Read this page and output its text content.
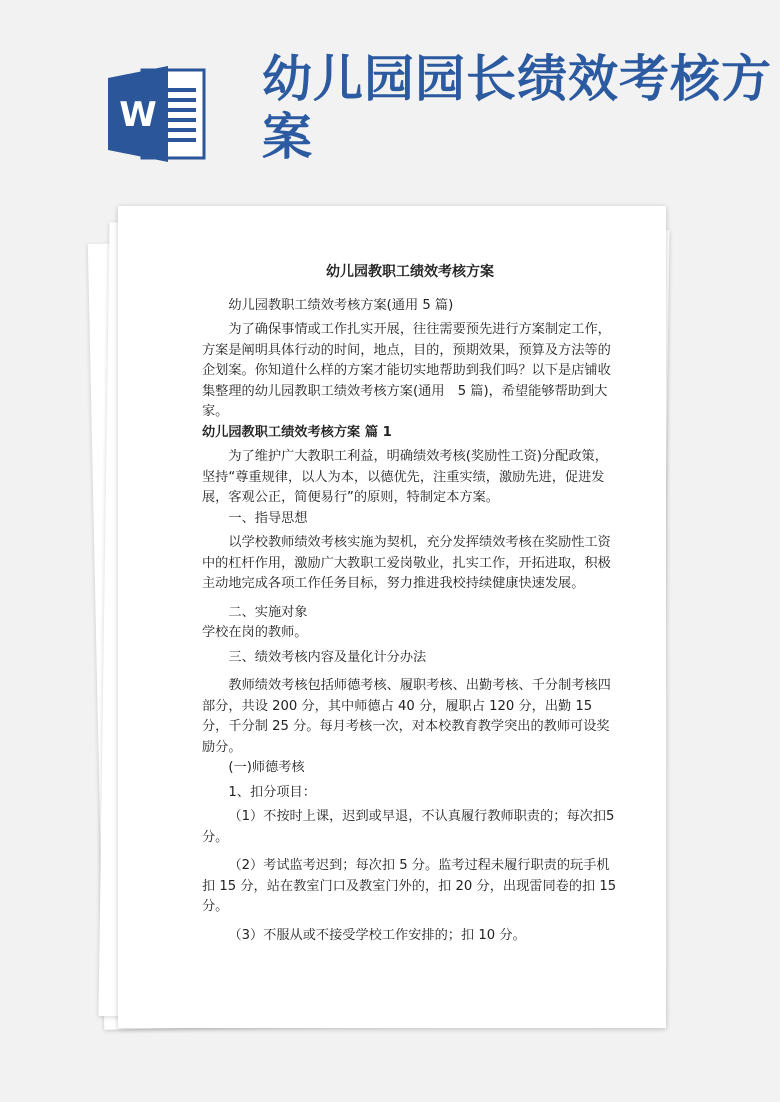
W
幼儿园园长绩效考核方案
幼儿园教职工绩效考核方案

幼儿园教职工绩效考核方案(通用 5 篇)

为了确保事情或工作扎实开展，往往需要预先进行方案制定工作，方案是阐明具体行动的时间，地点，目的，预期效果，预算及方法等的企划案。你知道什么样的方案才能切实地帮助到我们吗？以下是店铺收集整理的幼儿园教职工绩效考核方案(通用　5 篇)，希望能够帮助到大家。

幼儿园教职工绩效考核方案 篇 1

为了维护广大教职工利益，明确绩效考核(奖励性工资)分配政策，坚持“尊重规律，以人为本，以德优先，注重实绩，激励先进，促进发展，客观公正，简便易行”的原则，特制定本方案。

一、指导思想

以学校教师绩效考核实施为契机，充分发挥绩效考核在奖励性工资中的杠杆作用，激励广大教职工爱岗敬业，扎实工作，开拓进取，积极主动地完成各项工作任务目标，努力推进我校持续健康快速发展。

二、实施对象

学校在岗的教师。

三、绩效考核内容及量化计分办法

教师绩效考核包括师德考核、履职考核、出勤考核、千分制考核四部分，共设 200 分，其中师德占 40 分，履职占 120 分，出勤 15 分，千分制 25 分。每月考核一次，对本校教育教学突出的教师可设奖励分。

(一)师德考核

1、扣分项目：

（1）不按时上课，迟到或早退，不认真履行教师职责的；每次扣5分。

（2）考试监考迟到；每次扣 5 分。监考过程未履行职责的玩手机扣 15 分，站在教室门口及教室门外的，扣 20 分，出现雷同卷的扣 15 分。

（3）不服从或不接受学校工作安排的；扣 10 分。
